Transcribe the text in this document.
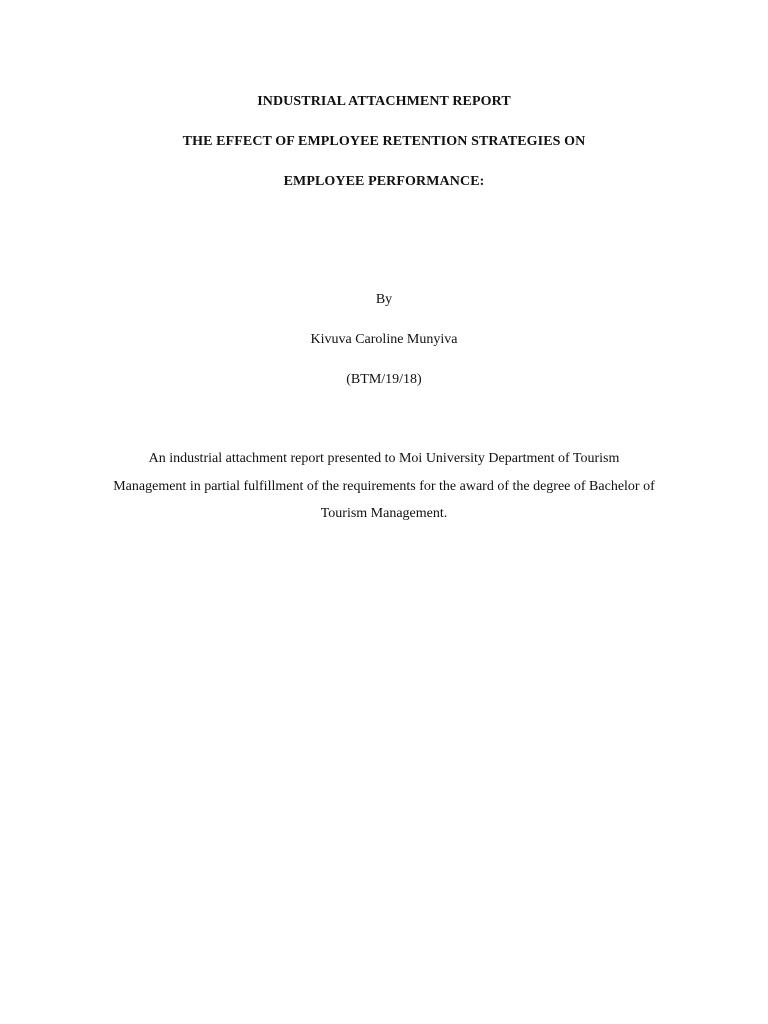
INDUSTRIAL ATTACHMENT REPORT
THE EFFECT OF EMPLOYEE RETENTION STRATEGIES ON
EMPLOYEE PERFORMANCE:
By
Kivuva Caroline Munyiva
(BTM/19/18)
An industrial attachment report presented to Moi University Department of Tourism
Management in partial fulfillment of the requirements for the award of the degree of Bachelor of
Tourism Management.
